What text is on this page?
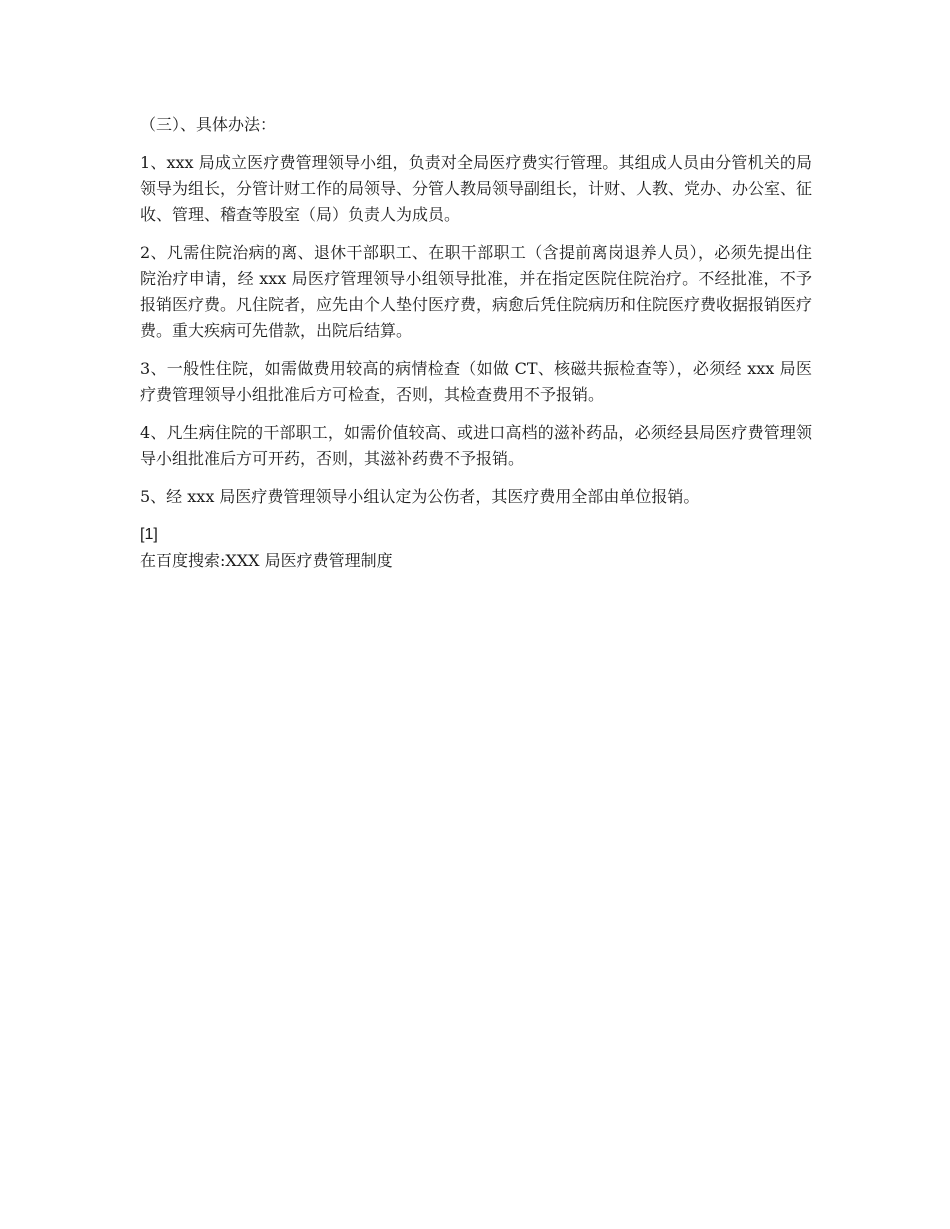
（三）、具体办法：

1、xxx 局成立医疗费管理领导小组，负责对全局医疗费实行管理。其组成人员由分管机关的局领导为组长，分管计财工作的局领导、分管人教局领导副组长，计财、人教、党办、办公室、征收、管理、稽查等股室（局）负责人为成员。

2、凡需住院治病的离、退休干部职工、在职干部职工（含提前离岗退养人员），必须先提出住院治疗申请，经 xxx 局医疗管理领导小组领导批准，并在指定医院住院治疗。不经批准，不予报销医疗费。凡住院者，应先由个人垫付医疗费，病愈后凭住院病历和住院医疗费收据报销医疗费。重大疾病可先借款，出院后结算。

3、一般性住院，如需做费用较高的病情检查（如做 CT、核磁共振检查等），必须经 xxx 局医疗费管理领导小组批准后方可检查，否则，其检查费用不予报销。

4、凡生病住院的干部职工，如需价值较高、或进口高档的滋补药品，必须经县局医疗费管理领导小组批准后方可开药，否则，其滋补药费不予报销。

5、经 xxx 局医疗费管理领导小组认定为公伤者，其医疗费用全部由单位报销。

[1]

在百度搜索:XXX 局医疗费管理制度
